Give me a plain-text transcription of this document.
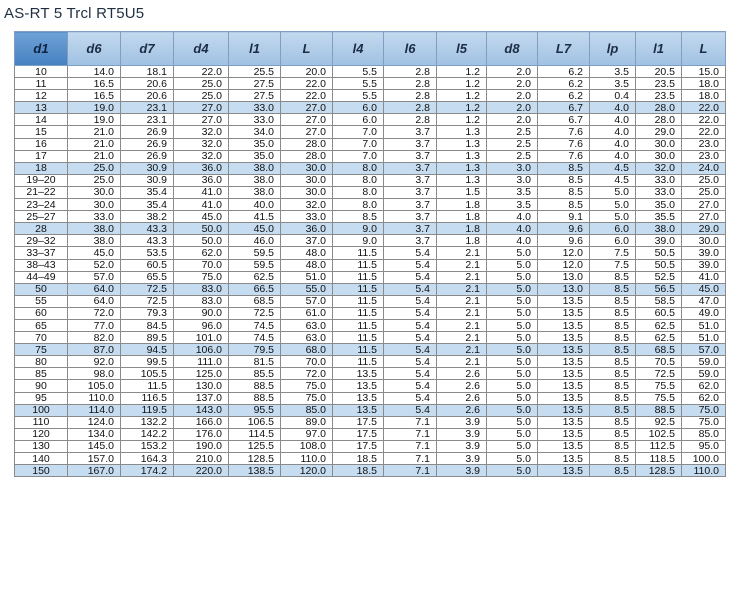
AS-RT 5 Trcl RT5U5
d1	d6	d7	d4	l1	L	l4	l6	l5	d8	L7	lp	l1	L
10	14.0	18.1	22.0	25.5	20.0	5.5	2.8	1.2	2.0	6.2	3.5	20.5	15.0
11	16.5	20.6	25.0	27.5	22.0	5.5	2.8	1.2	2.0	6.2	3.5	23.5	18.0
12	16.5	20.6	25.0	27.5	22.0	5.5	2.8	1.2	2.0	6.2	0.4	23.5	18.0
13	19.0	23.1	27.0	33.0	27.0	6.0	2.8	1.2	2.0	6.7	4.0	28.0	22.0
14	19.0	23.1	27.0	33.0	27.0	6.0	2.8	1.2	2.0	6.7	4.0	28.0	22.0
15	21.0	26.9	32.0	34.0	27.0	7.0	3.7	1.3	2.5	7.6	4.0	29.0	22.0
16	21.0	26.9	32.0	35.0	28.0	7.0	3.7	1.3	2.5	7.6	4.0	30.0	23.0
17	21.0	26.9	32.0	35.0	28.0	7.0	3.7	1.3	2.5	7.6	4.0	30.0	23.0
18	25.0	30.9	36.0	38.0	30.0	8.0	3.7	1.3	3.0	8.5	4.5	32.0	24.0
19–20	25.0	30.9	36.0	38.0	30.0	8.0	3.7	1.3	3.0	8.5	4.5	33.0	25.0
21–22	30.0	35.4	41.0	38.0	30.0	8.0	3.7	1.5	3.5	8.5	5.0	33.0	25.0
23–24	30.0	35.4	41.0	40.0	32.0	8.0	3.7	1.8	3.5	8.5	5.0	35.0	27.0
25–27	33.0	38.2	45.0	41.5	33.0	8.5	3.7	1.8	4.0	9.1	5.0	35.5	27.0
28	38.0	43.3	50.0	45.0	36.0	9.0	3.7	1.8	4.0	9.6	6.0	38.0	29.0
29–32	38.0	43.3	50.0	46.0	37.0	9.0	3.7	1.8	4.0	9.6	6.0	39.0	30.0
33–37	45.0	53.5	62.0	59.5	48.0	11.5	5.4	2.1	5.0	12.0	7.5	50.5	39.0
38–43	52.0	60.5	70.0	59.5	48.0	11.5	5.4	2.1	5.0	12.0	7.5	50.5	39.0
44–49	57.0	65.5	75.0	62.5	51.0	11.5	5.4	2.1	5.0	13.0	8.5	52.5	41.0
50	64.0	72.5	83.0	66.5	55.0	11.5	5.4	2.1	5.0	13.0	8.5	56.5	45.0
55	64.0	72.5	83.0	68.5	57.0	11.5	5.4	2.1	5.0	13.5	8.5	58.5	47.0
60	72.0	79.3	90.0	72.5	61.0	11.5	5.4	2.1	5.0	13.5	8.5	60.5	49.0
65	77.0	84.5	96.0	74.5	63.0	11.5	5.4	2.1	5.0	13.5	8.5	62.5	51.0
70	82.0	89.5	101.0	74.5	63.0	11.5	5.4	2.1	5.0	13.5	8.5	62.5	51.0
75	87.0	94.5	106.0	79.5	68.0	11.5	5.4	2.1	5.0	13.5	8.5	68.5	57.0
80	92.0	99.5	111.0	81.5	70.0	11.5	5.4	2.1	5.0	13.5	8.5	70.5	59.0
85	98.0	105.5	125.0	85.5	72.0	13.5	5.4	2.6	5.0	13.5	8.5	72.5	59.0
90	105.0	11.5	130.0	88.5	75.0	13.5	5.4	2.6	5.0	13.5	8.5	75.5	62.0
95	110.0	116.5	137.0	88.5	75.0	13.5	5.4	2.6	5.0	13.5	8.5	75.5	62.0
100	114.0	119.5	143.0	95.5	85.0	13.5	5.4	2.6	5.0	13.5	8.5	88.5	75.0
110	124.0	132.2	166.0	106.5	89.0	17.5	7.1	3.9	5.0	13.5	8.5	92.5	75.0
120	134.0	142.2	176.0	114.5	97.0	17.5	7.1	3.9	5.0	13.5	8.5	102.5	85.0
130	145.0	153.2	190.0	125.5	108.0	17.5	7.1	3.9	5.0	13.5	8.5	112.5	95.0
140	157.0	164.3	210.0	128.5	110.0	18.5	7.1	3.9	5.0	13.5	8.5	118.5	100.0
150	167.0	174.2	220.0	138.5	120.0	18.5	7.1	3.9	5.0	13.5	8.5	128.5	110.0
